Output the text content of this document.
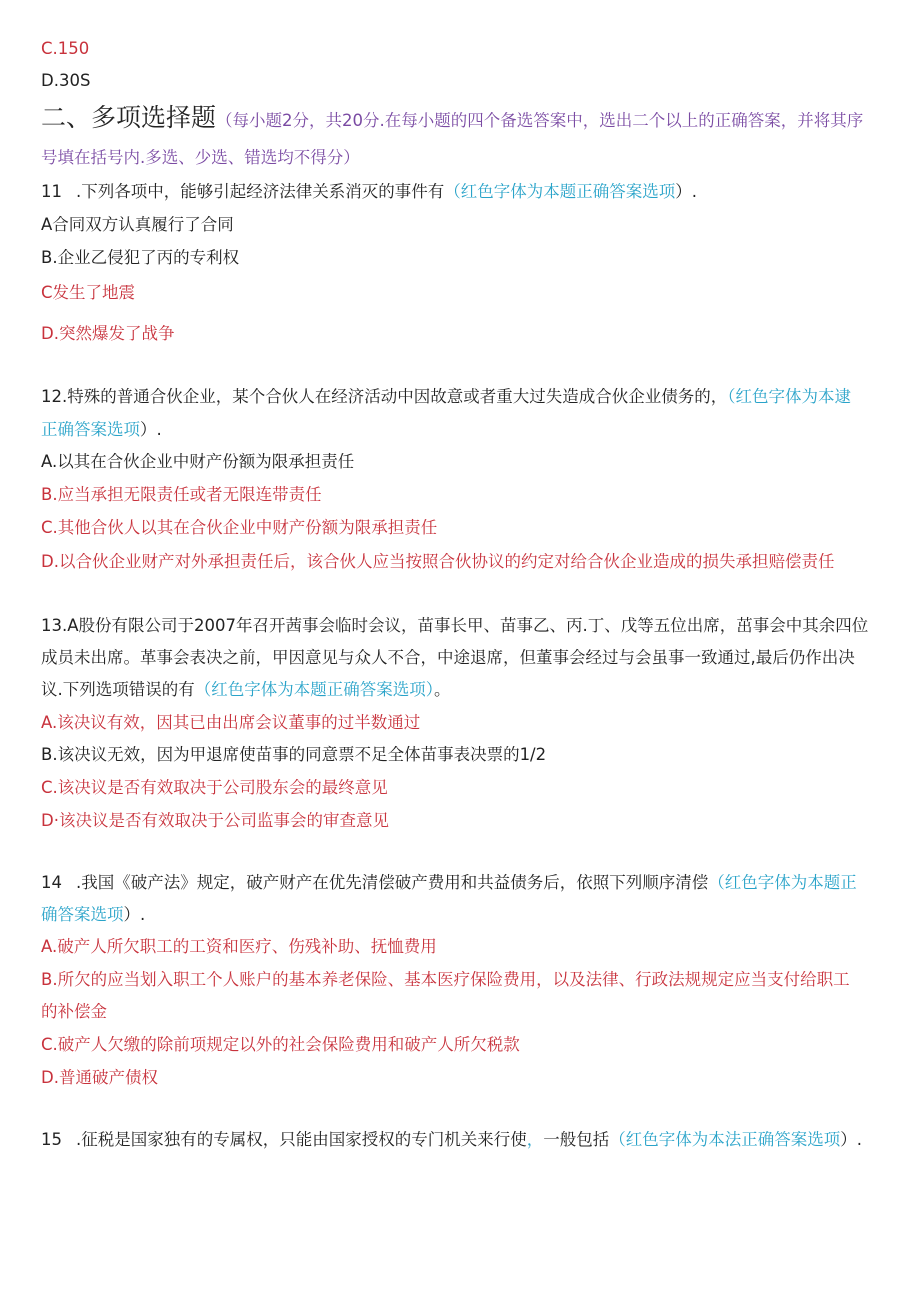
C.150
D.30S
二、多项选择题（每小题2分，共20分.在每小题的四个备选答案中，选出二个以上的正确答案，并将其序
号填在括号内.多选、少选、错选均不得分）
11 .下列各项中，能够引起经济法律关系消灭的事件有（红色字体为本题正确答案选项）.
A合同双方认真履行了合同
B.企业乙侵犯了丙的专利权
C发生了地震
D.突然爆发了战争
12.特殊的普通合伙企业，某个合伙人在经济活动中因故意或者重大过失造成合伙企业债务的，（红色字体为本逮
正确答案选项）.
A.以其在合伙企业中财产份额为限承担责任
B.应当承担无限责任或者无限连带责任
C.其他合伙人以其在合伙企业中财产份额为限承担责任
D.以合伙企业财产对外承担责任后，该合伙人应当按照合伙协议的约定对给合伙企业造成的损失承担赔偿责任
13.A股份有限公司于2007年召开茜事会临时会议，苗事长甲、苗事乙、丙.丁、戊等五位出席，茁事会中其余四位
成员未出席。革事会表决之前，甲因意见与众人不合，中途退席，但董事会经过与会虽事一致通过,最后仍作出决
议.下列选项错误的有（红色字体为本题正确答案选项）。
A.该决议有效，因其已由出席会议董事的过半数通过
B.该决议无效，因为甲退席使苗事的同意票不足全体苗事表决票的1/2
C.该决议是否有效取决于公司股东会的最终意见
D·该决议是否有效取决于公司监事会的审查意见
14 .我国《破产法》规定，破产财产在优先清偿破产费用和共益债务后，依照下列顺序清偿（红色字体为本题正
确答案选项）.
A.破产人所欠职工的工资和医疗、伤残补助、抚恤费用
B.所欠的应当划入职工个人账户的基本养老保险、基本医疗保险费用，以及法律、行政法规规定应当支付给职工
的补偿金
C.破产人欠缴的除前项规定以外的社会保险费用和破产人所欠税款
D.普通破产债权
15 .征税是国家独有的专属权，只能由国家授权的专门机关来行使，一般包括（红色字体为本法正确答案选项）.
